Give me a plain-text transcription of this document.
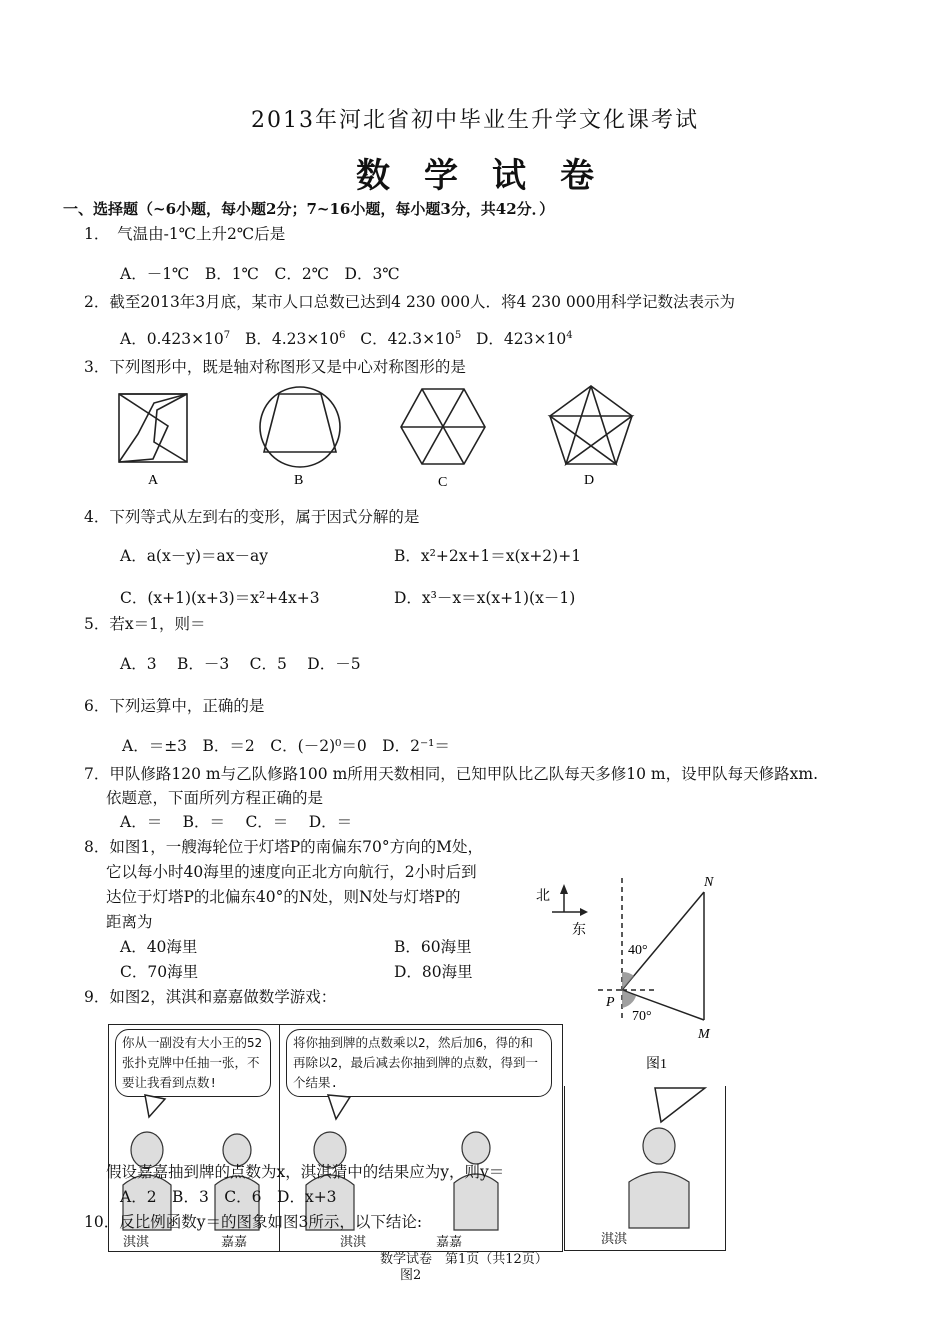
2013年河北省初中毕业生升学文化课考试
数学试卷
一、选择题（~6小题，每小题2分；7~16小题，每小题3分，共42分．）
1．　气温由-1℃上升2℃后是
A．－1℃　B．1℃　C．2℃　D．3℃
2．截至2013年3月底，某市人口总数已达到4 230 000人．将4 230 000用科学记数法表示为
A．$0.423\times 10^7$ B．$4.23\times 10^6$ C．$42.3\times 10^5$ D．$423\times 10^4$
3．下列图形中，既是轴对称图形又是中心对称图形的是
A	B	C	D
4．下列等式从左到右的变形，属于因式分解的是
A．a(x－y)＝ax－ay	B．x²+2x+1＝x(x+2)+1
C．(x+1)(x+3)＝x²+4x+3	D．x³－x＝x(x+1)(x－1)
5．若x＝1，则＝
A．3　 B．－3　 C．5　 D．－5
6．下列运算中，正确的是
A．＝±3　B．＝2　C．(－2)⁰＝0　D．2⁻¹＝
7．甲队修路120 m与乙队修路100 m所用天数相同，已知甲队比乙队每天多修10 m，设甲队每天修路xm.
依题意，下面所列方程正确的是
A．＝　 B．＝　 C．＝　 D．＝
8．如图1，一艘海轮位于灯塔P的南偏东70°方向的M处，
它以每小时40海里的速度向正北方向航行，2小时后到
达位于灯塔P的北偏东40°的N处，则N处与灯塔P的
距离为
A．40海里	B．60海里
C．70海里	D．80海里
北
东
N
P
M
40°
70°
图1
9．如图2，淇淇和嘉嘉做数学游戏：
你从一副没有大小王的52张扑克牌中任抽一张，不要让我看到点数!
淇淇	嘉嘉
将你抽到牌的点数乘以2，然后加6，得的和再除以2，最后减去你抽到牌的点数，得到一个结果.
淇淇	嘉嘉	淇淇
假设嘉嘉抽到牌的点数为x，淇淇猜中的结果应为y，则y＝
A．2　B．3　C．6　D．x+3
10．反比例函数y＝的图象如图3所示，以下结论:
数学试卷　第1页（共12页）
图2
